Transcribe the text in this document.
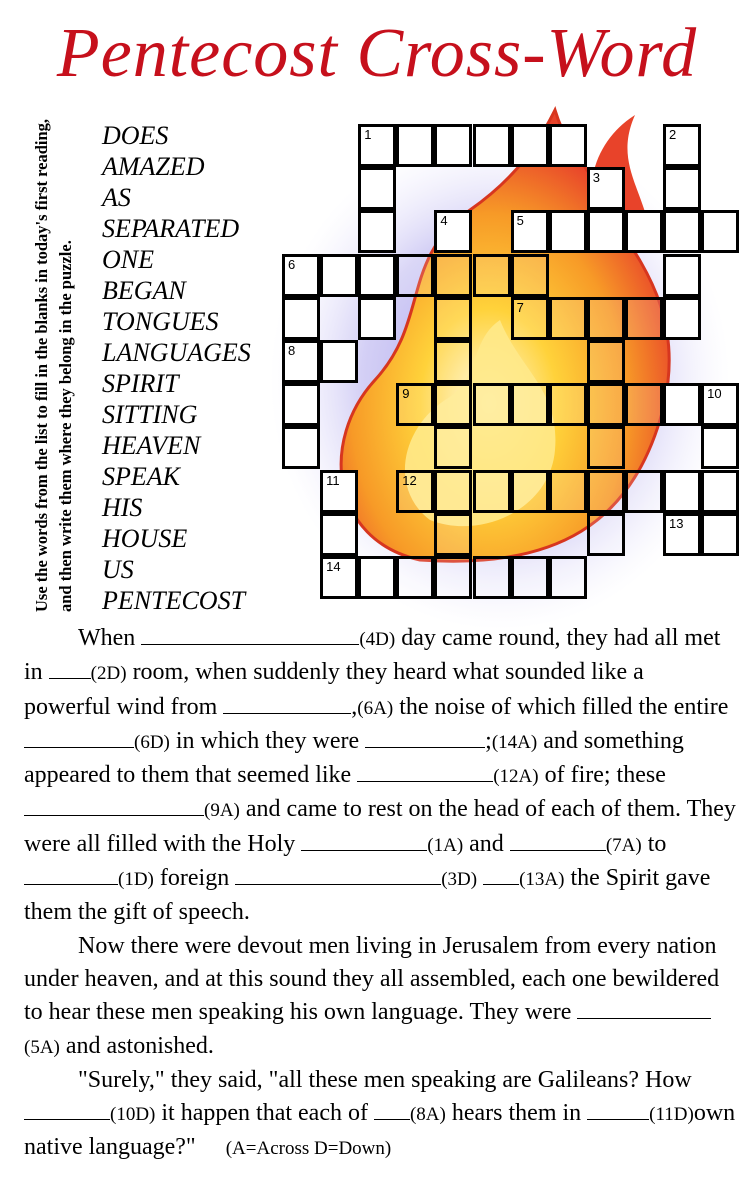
Pentecost Cross-Word
Use the words from the list to fill in the blanks in today's first reading, and then write them where they belong in the puzzle.
DOES
AMAZED
AS
SEPARATED
ONE
BEGAN
TONGUES
LANGUAGES
SPIRIT
SITTING
HEAVEN
SPEAK
HIS
HOUSE
US
PENTECOST
1	2
3
4	5
6
7
8
9	10
11	12
13
14

When	(4D) day came round, they had all met in (2D) room, when suddenly they heard what sounded like a powerful wind from	,(6A) the noise of which filled the entire (6D) in which they were	;(14A) and something appeared to them that seemed like	(12A) of fire; these (9A) and came to rest on the head of each of them. They were all filled with the Holy	(1A) and	(7A) to (1D) foreign	(3D) (13A) the Spirit gave them the gift of speech.

Now there were devout men living in Jerusalem from every nation under heaven, and at this sound they all assembled, each one bewildered to hear these men speaking his own language. They were (5A) and astonished.

"Surely," they said, "all these men speaking are Galileans? How (10D) it happen that each of (8A) hears them in	(11D)own native language?" (A=Across D=Down)
